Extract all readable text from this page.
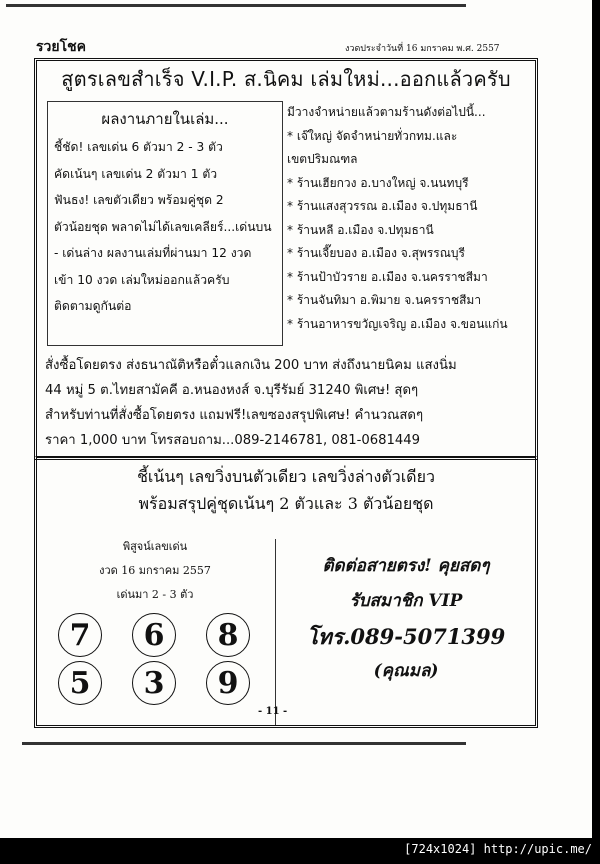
รวยโชค	งวดประจำวันที่ 16 มกราคม พ.ศ. 2557
สูตรเลขสำเร็จ V.I.P. ส.นิคม เล่มใหม่...ออกแล้วครับ
ผลงานภายในเล่ม...
ชี้ชัด! เลขเด่น 6 ตัวมา 2 - 3 ตัว
คัดเน้นๆ เลขเด่น 2 ตัวมา 1 ตัว
ฟันธง! เลขตัวเดียว พร้อมคู่ชุด 2
ตัวน้อยชุด พลาดไม่ได้เลขเคลียร์...เด่นบน
- เด่นล่าง ผลงานเล่มที่ผ่านมา 12 งวด
เข้า 10 งวด เล่มใหม่ออกแล้วครับ
ติดตามดูกันต่อ
มีวางจำหน่ายแล้วตามร้านดังต่อไปนี้...
* เจ๊ใหญ่ จัดจำหน่ายทั่วกทม.และ
เขตปริมณฑล
* ร้านเฮียกวง อ.บางใหญ่ จ.นนทบุรี
* ร้านแสงสุวรรณ อ.เมือง จ.ปทุมธานี
* ร้านหลี อ.เมือง จ.ปทุมธานี
* ร้านเจี๊ยบอง อ.เมือง จ.สุพรรณบุรี
* ร้านป้าบัวราย อ.เมือง จ.นครราชสีมา
* ร้านจันทิมา อ.พิมาย จ.นครราชสีมา
* ร้านอาหารขวัญเจริญ อ.เมือง จ.ขอนแก่น
สั่งซื้อโดยตรง ส่งธนาณัติหรือตั๋วแลกเงิน 200 บาท ส่งถึงนายนิคม แสงนิ่ม
44 หมู่ 5 ต.ไทยสามัคคี อ.หนองหงส์ จ.บุรีรัมย์ 31240 พิเศษ! สุดๆ
สำหรับท่านที่สั่งซื้อโดยตรง แถมฟรี!เลขซองสรุปพิเศษ! คำนวณสดๆ
ราคา 1,000 บาท โทรสอบถาม...089-2146781, 081-0681449
ชี้เน้นๆ เลขวิ่งบนตัวเดียว เลขวิ่งล่างตัวเดียว
พร้อมสรุปคู่ชุดเน้นๆ 2 ตัวและ 3 ตัวน้อยชุด
พิสูจน์เลขเด่น
งวด 16 มกราคม 2557
เด่นมา 2 - 3 ตัว
7	6	8
5	3	9
ติดต่อสายตรง! คุยสดๆ
รับสมาชิก VIP
โทร.089-5071399
(คุณมล)
- 11 -
[724x1024] http://upic.me/
